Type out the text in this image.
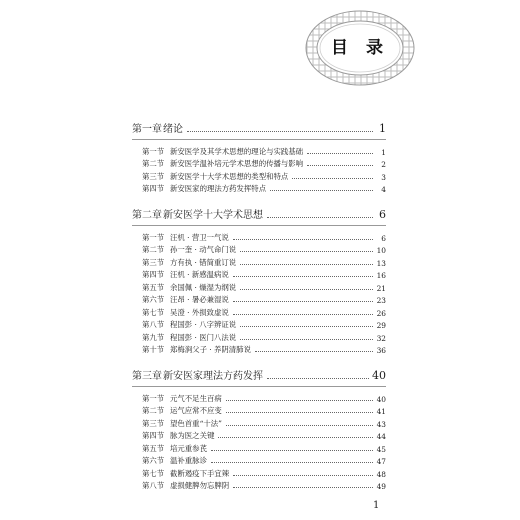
目 录
第一章 绪论	1
第一节 新安医学及其学术思想的理论与实践基础	1
第二节 新安医学温补培元学术思想的传播与影响	2
第三节 新安医学十大学术思想的类型和特点	3
第四节 新安医家的理法方药发挥特点	4
第二章 新安医学十大学术思想	6
第一节 汪机 · 营卫一气说	6
第二节 孙一奎 · 动气命门说	10
第三节 方有执 · 错简重订说	13
第四节 汪机 · 新感温病说	16
第五节 余国佩 · 燥湿为纲说	21
第六节 汪昂 · 暑必兼湿说	23
第七节 吴澄 · 外损致虚说	26
第八节 程国彭 · 八字辨证说	29
第九节 程国彭 · 医门八法说	32
第十节 郑梅涧父子 · 养阴清肺说	36
第三章 新安医家理法方药发挥	40
第一节 元气不足生百病	40
第二节 运气应常不应变	41
第三节 望色首重“十法”	43
第四节 脉为医之关键	44
第五节 培元重参芪	45
第六节 温补重脉诊	47
第七节 截断遏疫下手宜辣	48
第八节 虚损健脾勿忘脾阴	49
1
